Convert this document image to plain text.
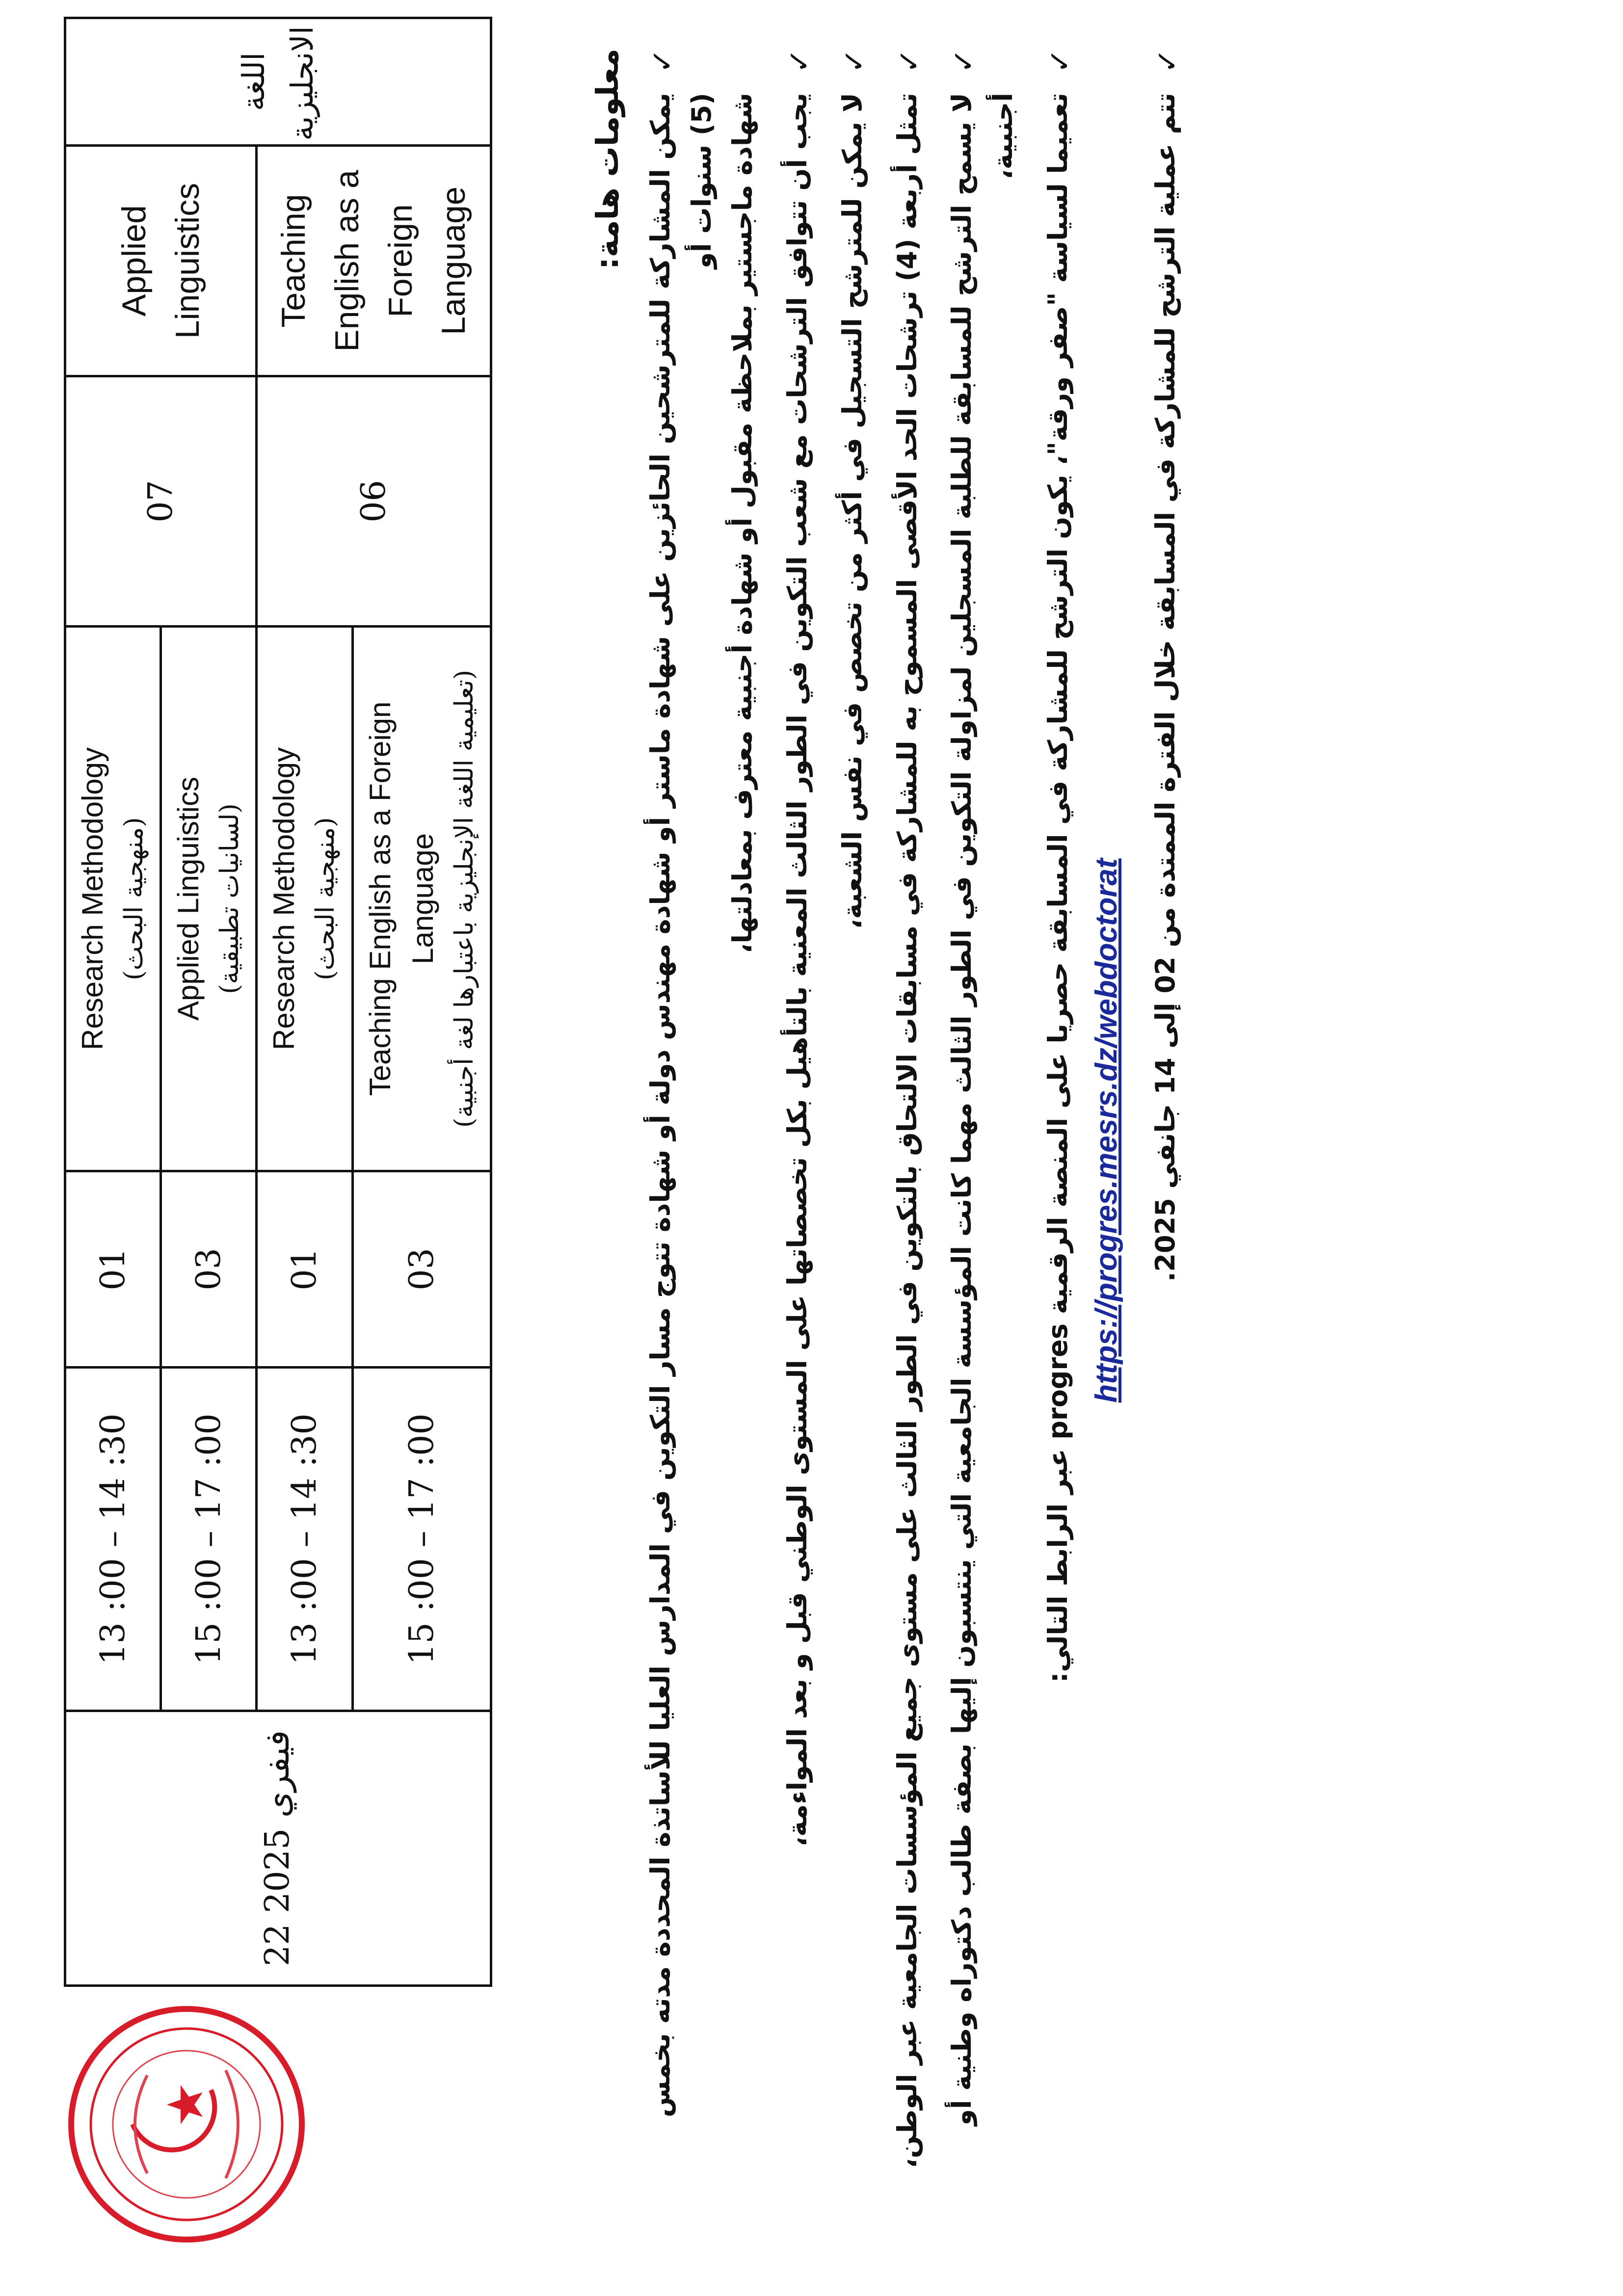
22 فيفري 2025	13 :00 – 14 :30	01	Research Methodology (منهجية البحث)	07	Applied Linguistics	اللغة الانجليزية
	15 :00 – 17 :00	03	Applied Linguistics (لسانيات تطبيقية)			

	13 :00 – 14 :30	01	Research Methodology (منهجية البحث)	06	Teaching English as a Foreign Language	
	15 :00 – 17 :00	03	Teaching English as a Foreign Language (تعليمية اللغة الإنجليزية باعتبارها لغة أجنبية)			
معلومات هامة: ✓
يمكن المشاركة للمترشحين الحائزين على شهادة ماستر أو شهادة مهندس دولة أو شهادة تتوج مسار التكوين في المدارس العليا للأساتذة المحددة مدته بخمس (5) سنوات أو شهادة ماجستير بملاحظة مقبول أو شهادة أجنبية معترف بمعادلتها،
✓
يجب أن تتوافق الترشحات مع شعب التكوين في الطور الثالث المعنية بالتأهيل بكل تخصصاتها على المستوى الوطني قبل و بعد المواءمة،
✓
لا يمكن للمترشح التسجيل في أكثر من تخصص في نفس الشعبة،
✓
تمثل أربعة (4) ترشحات الحد الأقصى المسموح به للمشاركة في مسابقات الالتحاق بالتكوين في الطور الثالث على مستوى جميع المؤسسات الجامعية عبر الوطن،
✓
لا يسمح الترشح للمسابقة للطلبة المسجلين لمزاولة التكوين في الطور الثالث مهما كانت المؤسسة الجامعية التي ينتسبون إليها بصفة طالب دكتوراه وطنية أو أجنبية،
✓
تعميما لسياسة "صفر ورقة"، يكون الترشح للمشاركة في المسابقة حصريا على المنصة الرقمية progres عبر الرابط التالي: https://progres.mesrs.dz/webdoctorat
✓
تتم عملية الترشح للمشاركة في المسابقة خلال الفترة الممتدة من 02 إلى 14 جانفي 2025.
